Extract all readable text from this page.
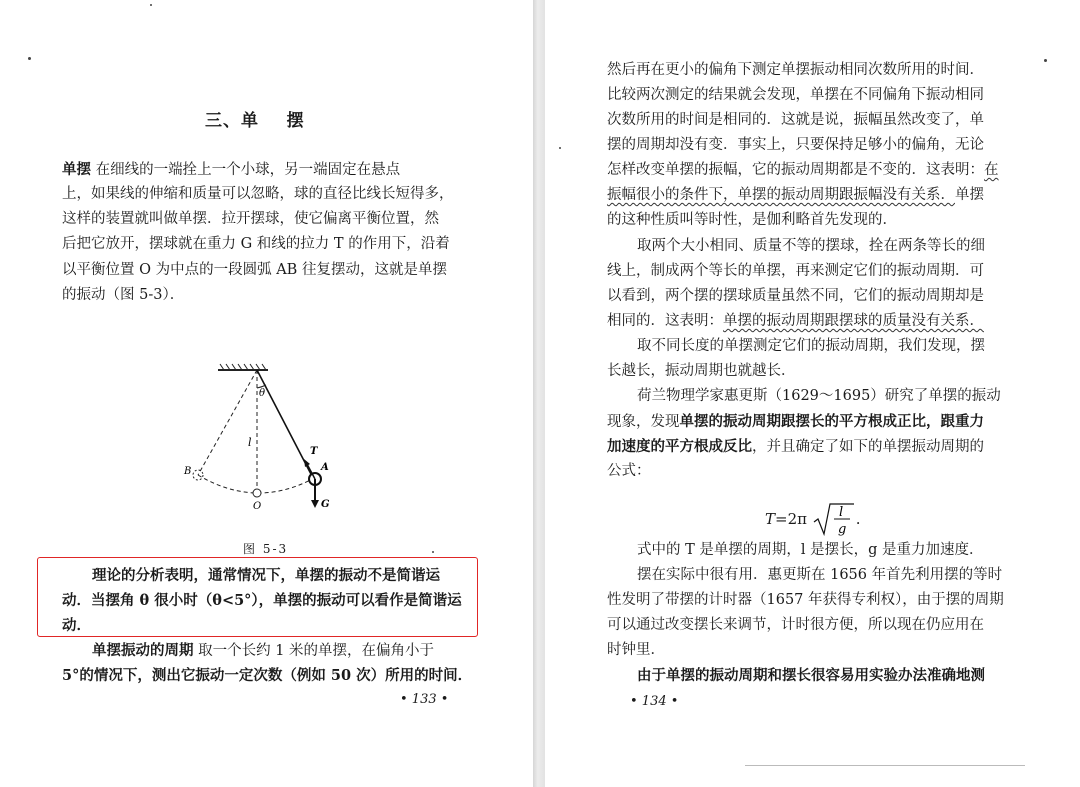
三、单    摆
单摆 在细线的一端拴上一个小球，另一端固定在悬点
上，如果线的伸缩和质量可以忽略，球的直径比线长短得多，
这样的装置就叫做单摆．拉开摆球，使它偏离平衡位置，然
后把它放开，摆球就在重力 G 和线的拉力 T 的作用下，沿着
以平衡位置 O 为中点的一段圆弧 AB 往复摆动，这就是单摆
的振动（图 5-3）．
θ
l
T
A
B
O	G
图 5-3
理论的分析表明，通常情况下，单摆的振动不是简谐运
动．当摆角 θ 很小时（θ<5°），单摆的振动可以看作是简谐运
动．
单摆振动的周期 取一个长约 1 米的单摆，在偏角小于
5°的情况下，测出它振动一定次数（例如 50 次）所用的时间．
• 133 •
然后再在更小的偏角下测定单摆振动相同次数所用的时间．
比较两次测定的结果就会发现，单摆在不同偏角下振动相同
次数所用的时间是相同的．这就是说，振幅虽然改变了，单
摆的周期却没有变．事实上，只要保持足够小的偏角，无论
怎样改变单摆的振幅，它的振动周期都是不变的．这表明：在
振幅很小的条件下，单摆的振动周期跟振幅没有关系．单摆
的这种性质叫等时性，是伽利略首先发现的．
取两个大小相同、质量不等的摆球，拴在两条等长的细
线上，制成两个等长的单摆，再来测定它们的振动周期．可
以看到，两个摆的摆球质量虽然不同，它们的振动周期却是
相同的．这表明：单摆的振动周期跟摆球的质量没有关系．
取不同长度的单摆测定它们的振动周期，我们发现，摆
长越长，振动周期也就越长．
荷兰物理学家惠更斯（1629～1695）研究了单摆的振动
现象，发现单摆的振动周期跟摆长的平方根成正比，跟重力
加速度的平方根成反比，并且确定了如下的单摆振动周期的
公式：
T=2π l
g
.
式中的 T 是单摆的周期，l 是摆长，g 是重力加速度．
摆在实际中很有用．惠更斯在 1656 年首先利用摆的等时
性发明了带摆的计时器（1657 年获得专利权），由于摆的周期
可以通过改变摆长来调节，计时很方便，所以现在仍应用在
时钟里．
由于单摆的振动周期和摆长很容易用实验办法准确地测
• 134 •
